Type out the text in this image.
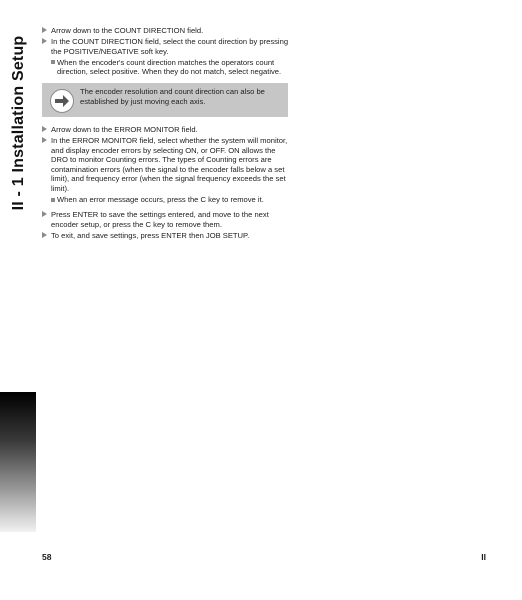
II - 1 Installation Setup
Arrow down to the COUNT DIRECTION field.
In the COUNT DIRECTION field, select the count direction by pressing the POSITIVE/NEGATIVE soft key.
When the encoder's count direction matches the operators count direction, select positive. When they do not match, select negative.
The encoder resolution and count direction can also be established by just moving each axis.
Arrow down to the ERROR MONITOR field.
In the ERROR MONITOR field, select whether the system will monitor, and display encoder errors by selecting ON, or OFF. ON allows the DRO to monitor Counting errors. The types of Counting errors are contamination errors (when the signal to the encoder falls below a set limit), and frequency error (when the signal frequency exceeds the set limit).
When an error message occurs, press the C key to remove it.
Press ENTER to save the settings entered, and move to the next encoder setup, or press the C key to remove them.
To exit, and save settings, press ENTER then JOB SETUP.
58	II
